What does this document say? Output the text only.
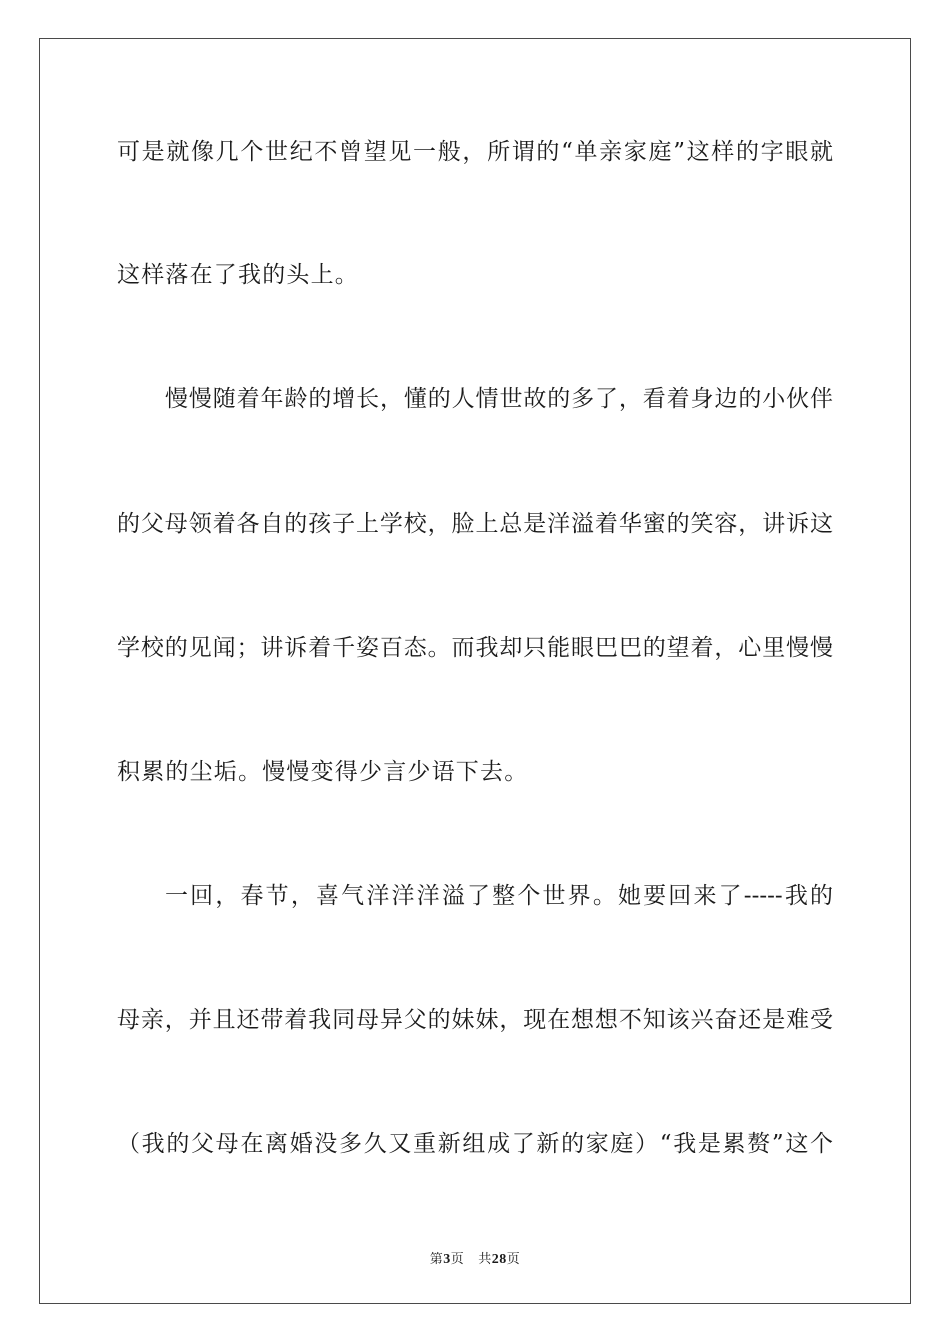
可是就像几个世纪不曾望见一般，所谓的“单亲家庭”这样的字眼就
这样落在了我的头上。
慢慢随着年龄的增长，懂的人情世故的多了，看着身边的小伙伴
的父母领着各自的孩子上学校，脸上总是洋溢着华蜜的笑容，讲诉这
学校的见闻；讲诉着千姿百态。而我却只能眼巴巴的望着，心里慢慢
积累的尘垢。慢慢变得少言少语下去。
一回，春节，喜气洋洋洋溢了整个世界。她要回来了-----我的
母亲，并且还带着我同母异父的妹妹，现在想想不知该兴奋还是难受
（我的父母在离婚没多久又重新组成了新的家庭）“我是累赘”这个
第3页 共28页
